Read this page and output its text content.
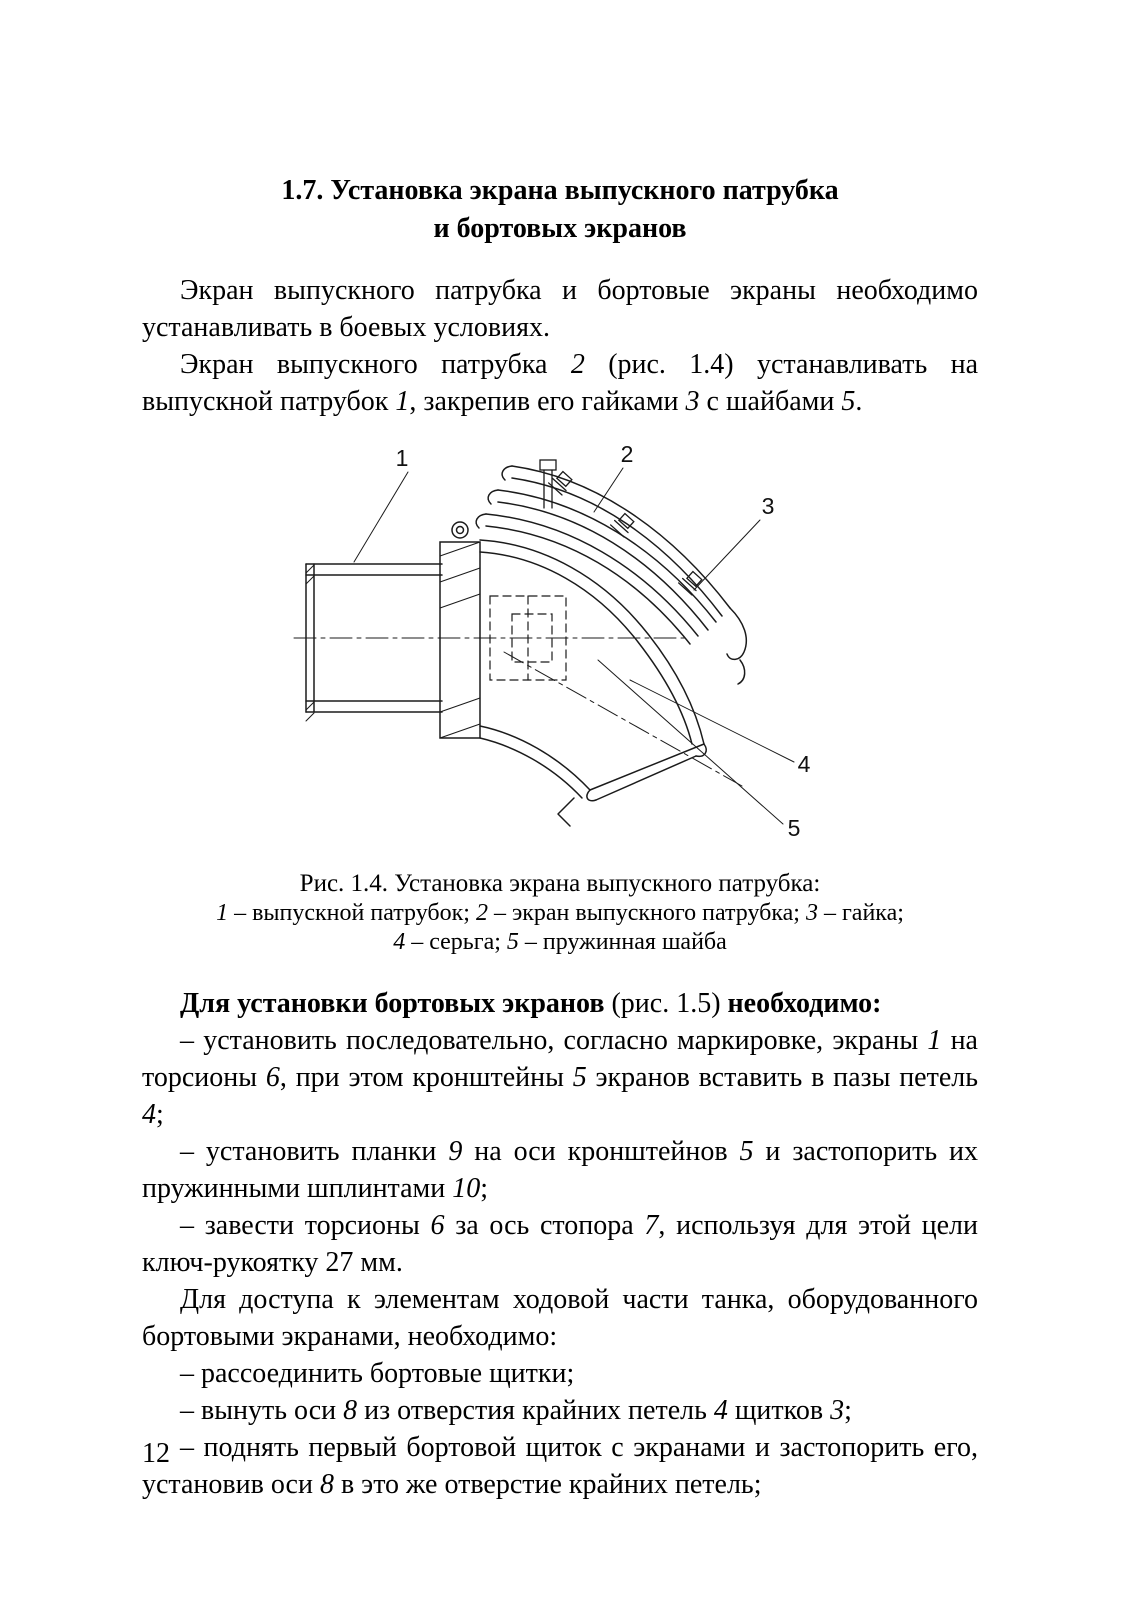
1.7. Установка экрана выпускного патрубка
и бортовых экранов

Экран выпускного патрубка и бортовые экраны необходимо устанавливать в боевых условиях.

Экран выпускного патрубка 2 (рис. 1.4) устанавливать на выпускной патрубок 1, закрепив его гайками 3 с шайбами 5.

1	2
3
4
5
Рис. 1.4. Установка экрана выпускного патрубка:
1 – выпускной патрубок; 2 – экран выпускного патрубка; 3 – гайка;
4 – серьга; 5 – пружинная шайба

Для установки бортовых экранов (рис. 1.5) необходимо:

– установить последовательно, согласно маркировке, экраны 1 на торсионы 6, при этом кронштейны 5 экранов вставить в пазы петель 4;

– установить планки 9 на оси кронштейнов 5 и застопорить их пружинными шплинтами 10;

– завести торсионы 6 за ось стопора 7, используя для этой цели ключ-рукоятку 27 мм.

Для доступа к элементам ходовой части танка, оборудованного бортовыми экранами, необходимо:

– рассоединить бортовые щитки;

– вынуть оси 8 из отверстия крайних петель 4 щитков 3;

– поднять первый бортовой щиток с экранами и застопорить его, установив оси 8 в это же отверстие крайних петель;

12
